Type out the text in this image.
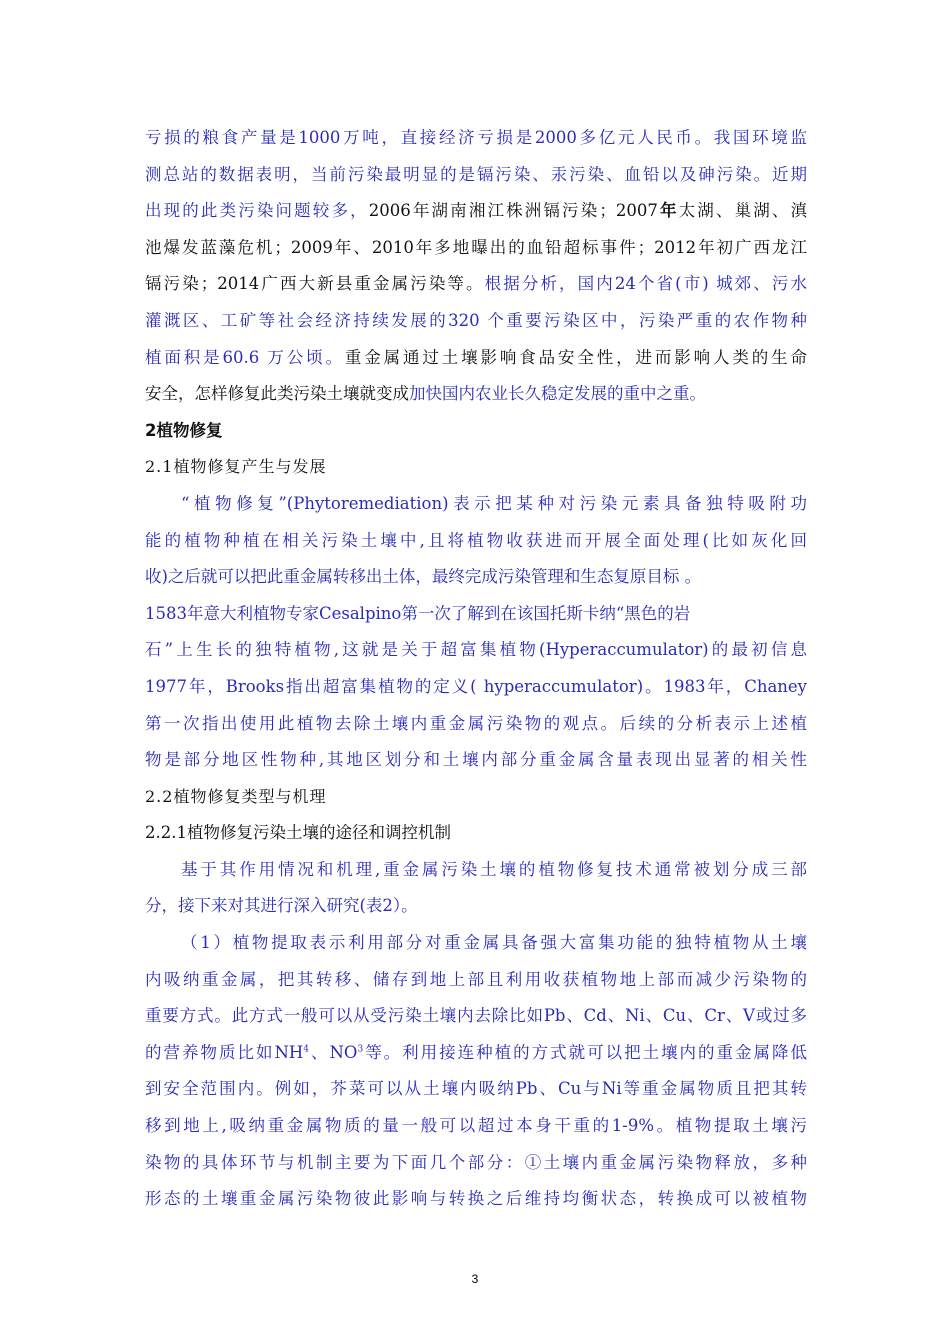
亏损的粮食产量是1000万吨，直接经济亏损是2000多亿元人民币。我国环境监
测总站的数据表明，当前污染最明显的是镉污染、汞污染、血铅以及砷污染。近期
出现的此类污染问题较多，2006年湖南湘江株洲镉污染；2007年太湖、巢湖、滇
池爆发蓝藻危机；2009年、2010年多地曝出的血铅超标事件；2012年初广西龙江
镉污染；2014广西大新县重金属污染等。根据分析，国内24个省(市) 城郊、污水
灌溉区、工矿等社会经济持续发展的320 个重要污染区中，污染严重的农作物种
植面积是60.6 万公顷。重金属通过土壤影响食品安全性，进而影响人类的生命
安全，怎样修复此类污染土壤就变成加快国内农业长久稳定发展的重中之重。
2植物修复
2.1植物修复产生与发展
“植物修复”(Phytoremediation)表示把某种对污染元素具备独特吸附功
能的植物种植在相关污染土壤中,且将植物收获进而开展全面处理(比如灰化回
收)之后就可以把此重金属转移出土体，最终完成污染管理和生态复原目标 。
1583年意大利植物专家Cesalpino第一次了解到在该国托斯卡纳“黑色的岩
石”上生长的独特植物,这就是关于超富集植物(Hyperaccumulator)的最初信息
1977年，Brooks指出超富集植物的定义( hyperaccumulator)。1983年，Chaney
第一次指出使用此植物去除土壤内重金属污染物的观点。后续的分析表示上述植
物是部分地区性物种,其地区划分和土壤内部分重金属含量表现出显著的相关性
2.2植物修复类型与机理
2.2.1植物修复污染土壤的途径和调控机制
基于其作用情况和机理,重金属污染土壤的植物修复技术通常被划分成三部
分，接下来对其进行深入研究(表2）。
（1）植物提取表示利用部分对重金属具备强大富集功能的独特植物从土壤
内吸纳重金属，把其转移、储存到地上部且利用收获植物地上部而减少污染物的
重要方式。此方式一般可以从受污染土壤内去除比如Pb、Cd、Ni、Cu、Cr、V或过多
的营养物质比如$NH^4$、$NO^3$等。利用接连种植的方式就可以把土壤内的重金属降低
到安全范围内。例如，芥菜可以从土壤内吸纳Pb、Cu与Ni等重金属物质且把其转
移到地上,吸纳重金属物质的量一般可以超过本身干重的1-9%。植物提取土壤污
染物的具体环节与机制主要为下面几个部分：①土壤内重金属污染物释放，多种
形态的土壤重金属污染物彼此影响与转换之后维持均衡状态，转换成可以被植物
3
